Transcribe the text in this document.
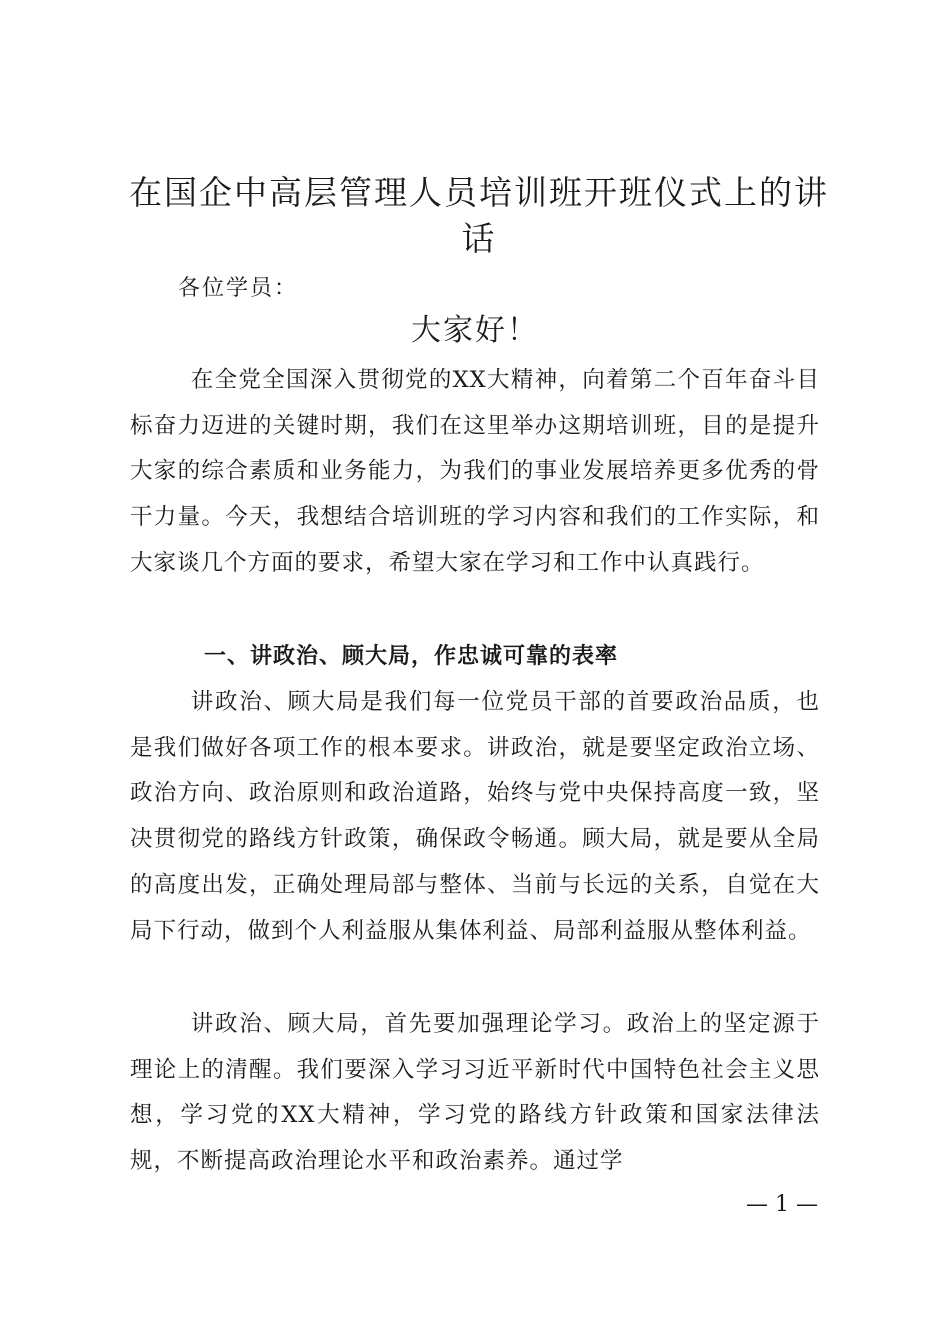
在国企中高层管理人员培训班开班仪式上的讲话
各位学员：
大家好！

在全党全国深入贯彻党的XX大精神，向着第二个百年奋斗目标奋力迈进的关键时期，我们在这里举办这期培训班，目的是提升大家的综合素质和业务能力，为我们的事业发展培养更多优秀的骨干力量。今天，我想结合培训班的学习内容和我们的工作实际，和大家谈几个方面的要求，希望大家在学习和工作中认真践行。

一、讲政治、顾大局，作忠诚可靠的表率

讲政治、顾大局是我们每一位党员干部的首要政治品质，也是我们做好各项工作的根本要求。讲政治，就是要坚定政治立场、政治方向、政治原则和政治道路，始终与党中央保持高度一致，坚决贯彻党的路线方针政策，确保政令畅通。顾大局，就是要从全局的高度出发，正确处理局部与整体、当前与长远的关系，自觉在大局下行动，做到个人利益服从集体利益、局部利益服从整体利益。

讲政治、顾大局，首先要加强理论学习。政治上的坚定源于理论上的清醒。我们要深入学习习近平新时代中国特色社会主义思想，学习党的XX大精神，学习党的路线方针政策和国家法律法规，不断提高政治理论水平和政治素养。通过学

— 1 —
